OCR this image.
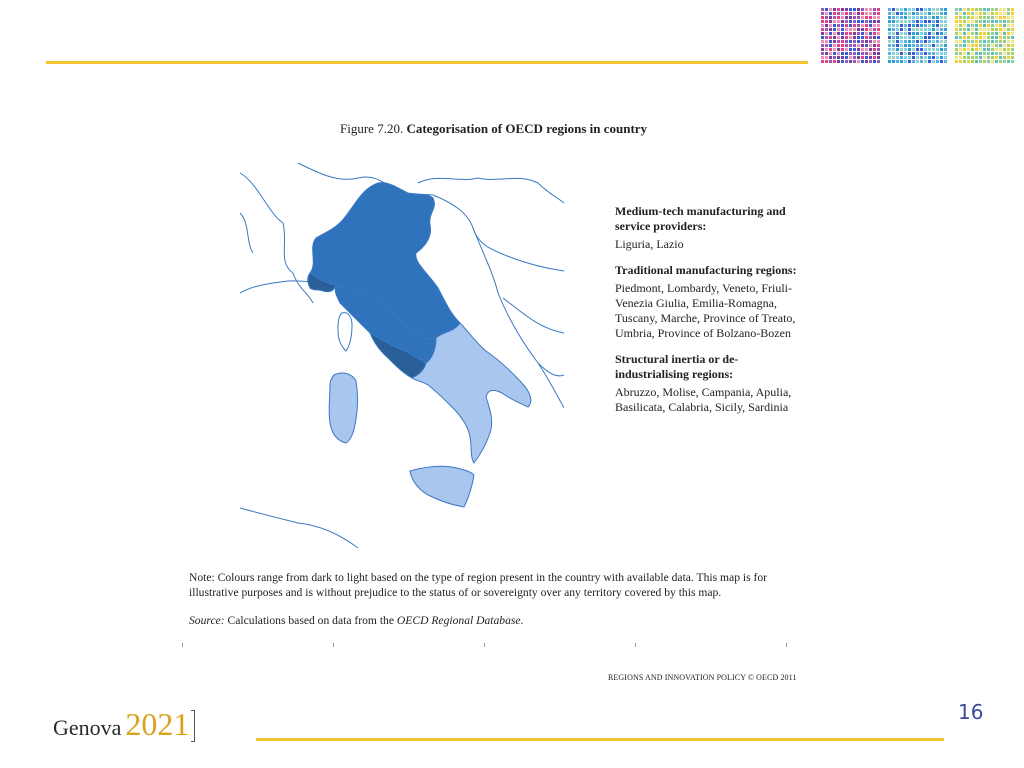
Figure 7.20. Categorisation of OECD regions in country
Medium-tech manufacturing and service providers:
Liguria, Lazio
Traditional manufacturing regions:
Piedmont, Lombardy, Veneto, Friuli-Venezia Giulia, Emilia-Romagna, Tuscany, Marche, Province of Treato, Umbria, Province of Bolzano-Bozen
Structural inertia or de-industrialising regions:
Abruzzo, Molise, Campania, Apulia, Basilicata, Calabria, Sicily, Sardinia
Note: Colours range from dark to light based on the type of region present in the country with available data. This map is for illustrative purposes and is without prejudice to the status of or sovereignty over any territory covered by this map.
Source: Calculations based on data from the OECD Regional Database.
REGIONS AND INNOVATION POLICY © OECD 2011
Genova 2021	16
